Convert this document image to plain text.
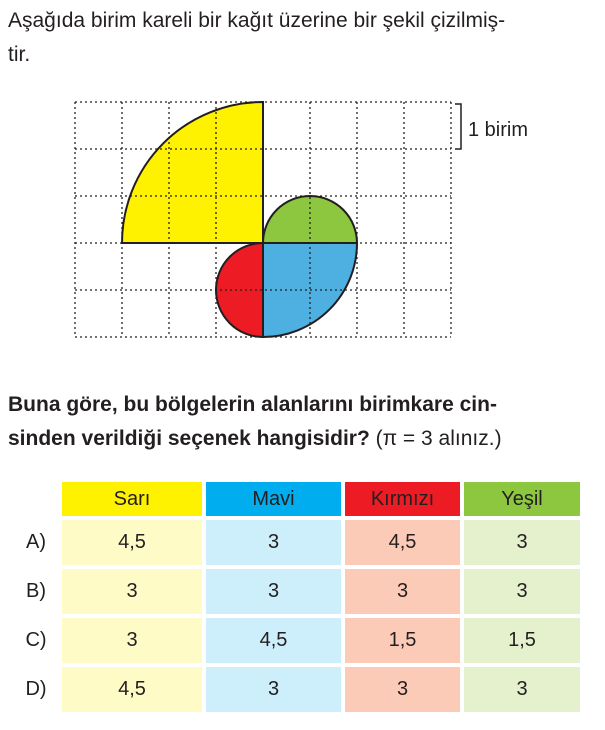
Aşağıda birim kareli bir kağıt üzerine bir şekil çizilmiş-
tir.
1 birim
Buna göre, bu bölgelerin alanlarını birimkare cin-
sinden verildiği seçenek hangisidir? (π = 3 alınız.)
	Sarı	Mavi	Kırmızı	Yeşil
A)	4,5	3	4,5	3
B)	3	3	3	3
C)	3	4,5	1,5	1,5
D)	4,5	3	3	3
